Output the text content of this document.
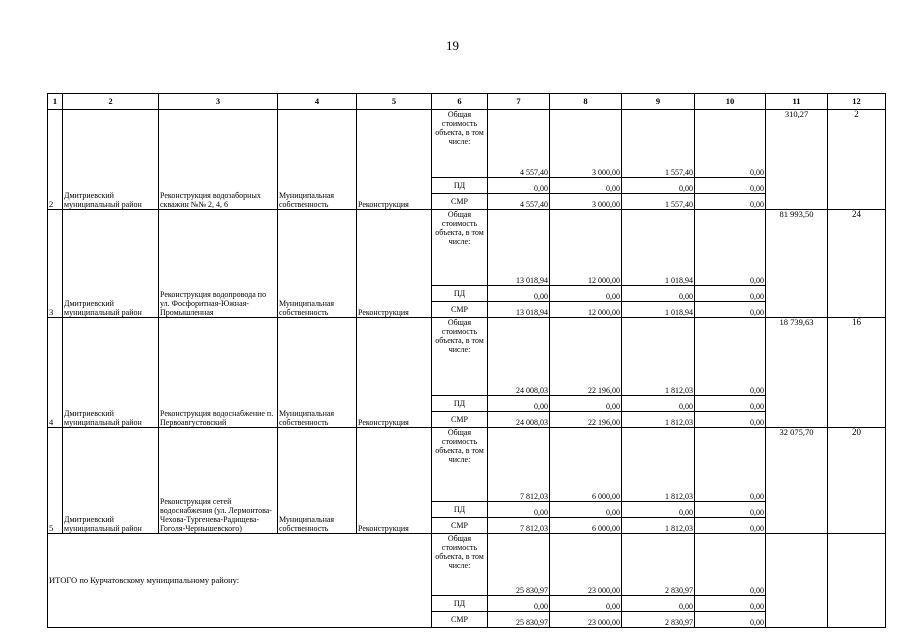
19
1	2	3	4	5	6	7	8	9	10	11	12
2	Дмитриевский муниципальный район	Реконструкция водозаборных скважин №№ 2, 4, 6	Муниципальная собственность	Реконструкция	Общая стоимость объекта, в том числе:	4 557,40	3 000,00	1 557,40	0,00	310,27	2
					ПД	0,00	0,00	0,00	0,00		
					СМР	4 557,40	3 000,00	1 557,40	0,00		
3	Дмитриевский муниципальный район	Реконструкция водопровода по ул. Фосфоритная-Южная-Промышленная	Муниципальная собственность	Реконструкция	Общая стоимость объекта, в том числе:	13 018,94	12 000,00	1 018,94	0,00	81 993,50	24
					ПД	0,00	0,00	0,00	0,00		
					СМР	13 018,94	12 000,00	1 018,94	0,00		
4	Дмитриевский муниципальный район	Реконструкция водоснабжение п. Первоавгустовский	Муниципальная собственность	Реконструкция	Общая стоимость объекта, в том числе:	24 008,03	22 196,00	1 812,03	0,00	18 739,63	16
					ПД	0,00	0,00	0,00	0,00		
					СМР	24 008,03	22 196,00	1 812,03	0,00		
5	Дмитриевский муниципальный район	Реконструкция сетей водоснабжения (ул. Лермонтова-Чехова-Тургенева-Радищева-Гоголя-Чернышевского)	Муниципальная собственность	Реконструкция	Общая стоимость объекта, в том числе:	7 812,03	6 000,00	1 812,03	0,00	32 075,70	20
					ПД	0,00	0,00	0,00	0,00		
					СМР	7 812,03	6 000,00	1 812,03	0,00		
ИТОГО по Курчатовскому муниципальному району:					Общая стоимость объекта, в том числе:	25 830,97	23 000,00	2 830,97	0,00		
					ПД	0,00	0,00	0,00	0,00		
					СМР	25 830,97	23 000,00	2 830,97	0,00		
